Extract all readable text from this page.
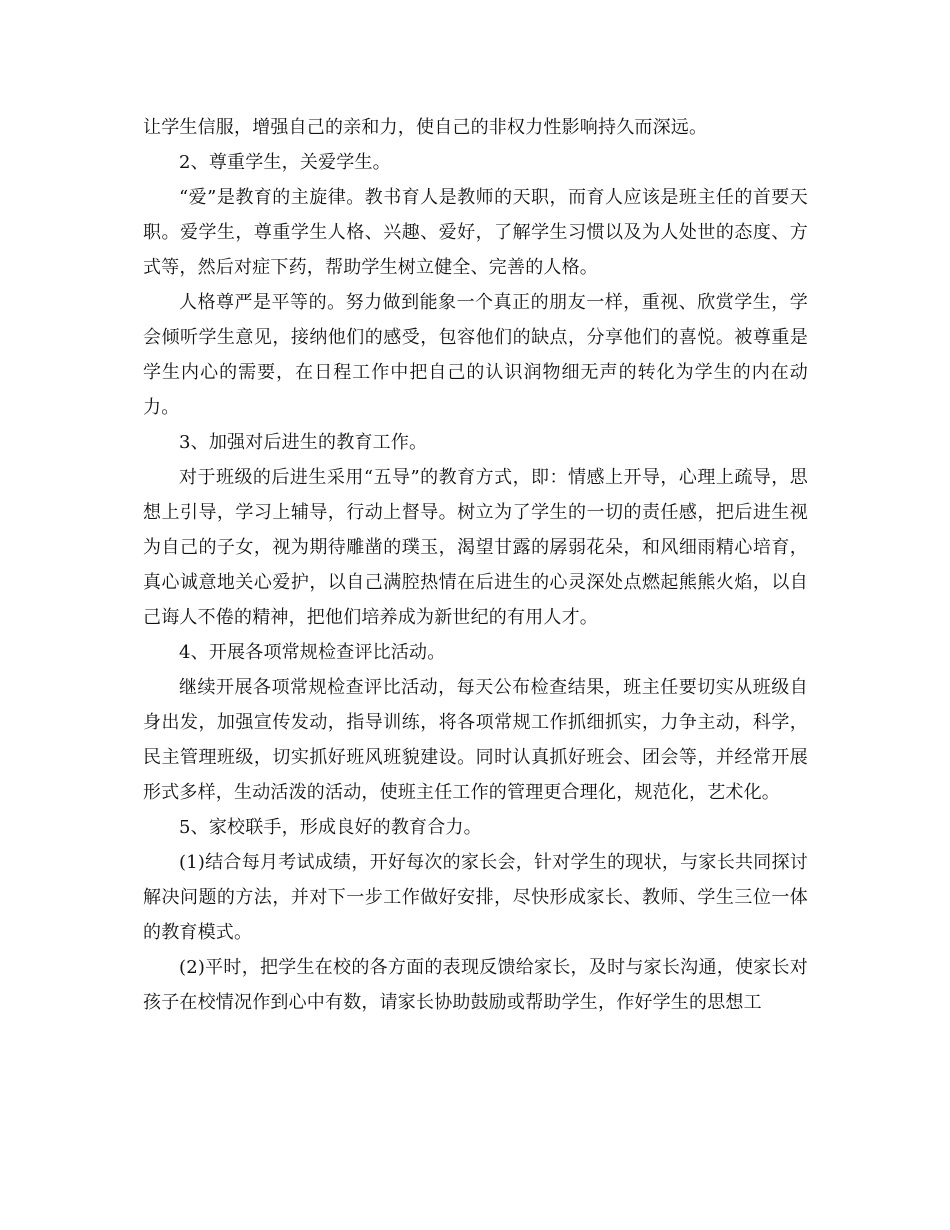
让学生信服，增强自己的亲和力，使自己的非权力性影响持久而深远。

2、尊重学生，关爱学生。

“爱”是教育的主旋律。教书育人是教师的天职，而育人应该是班主任的首要天职。爱学生，尊重学生人格、兴趣、爱好，了解学生习惯以及为人处世的态度、方式等，然后对症下药，帮助学生树立健全、完善的人格。

人格尊严是平等的。努力做到能象一个真正的朋友一样，重视、欣赏学生，学会倾听学生意见，接纳他们的感受，包容他们的缺点，分享他们的喜悦。被尊重是学生内心的需要，在日程工作中把自己的认识润物细无声的转化为学生的内在动力。

3、加强对后进生的教育工作。

对于班级的后进生采用“五导”的教育方式，即：情感上开导，心理上疏导，思想上引导，学习上辅导，行动上督导。树立为了学生的一切的责任感，把后进生视为自己的子女，视为期待雕凿的璞玉，渴望甘露的孱弱花朵，和风细雨精心培育，真心诚意地关心爱护，以自己满腔热情在后进生的心灵深处点燃起熊熊火焰，以自己诲人不倦的精神，把他们培养成为新世纪的有用人才。

4、开展各项常规检查评比活动。

继续开展各项常规检查评比活动，每天公布检查结果，班主任要切实从班级自身出发，加强宣传发动，指导训练，将各项常规工作抓细抓实，力争主动，科学，民主管理班级，切实抓好班风班貌建设。同时认真抓好班会、团会等，并经常开展形式多样，生动活泼的活动，使班主任工作的管理更合理化，规范化，艺术化。

5、家校联手，形成良好的教育合力。

(1)结合每月考试成绩，开好每次的家长会，针对学生的现状，与家长共同探讨解决问题的方法，并对下一步工作做好安排，尽快形成家长、教师、学生三位一体的教育模式。

(2)平时，把学生在校的各方面的表现反馈给家长，及时与家长沟通，使家长对孩子在校情况作到心中有数，请家长协助鼓励或帮助学生，作好学生的思想工
